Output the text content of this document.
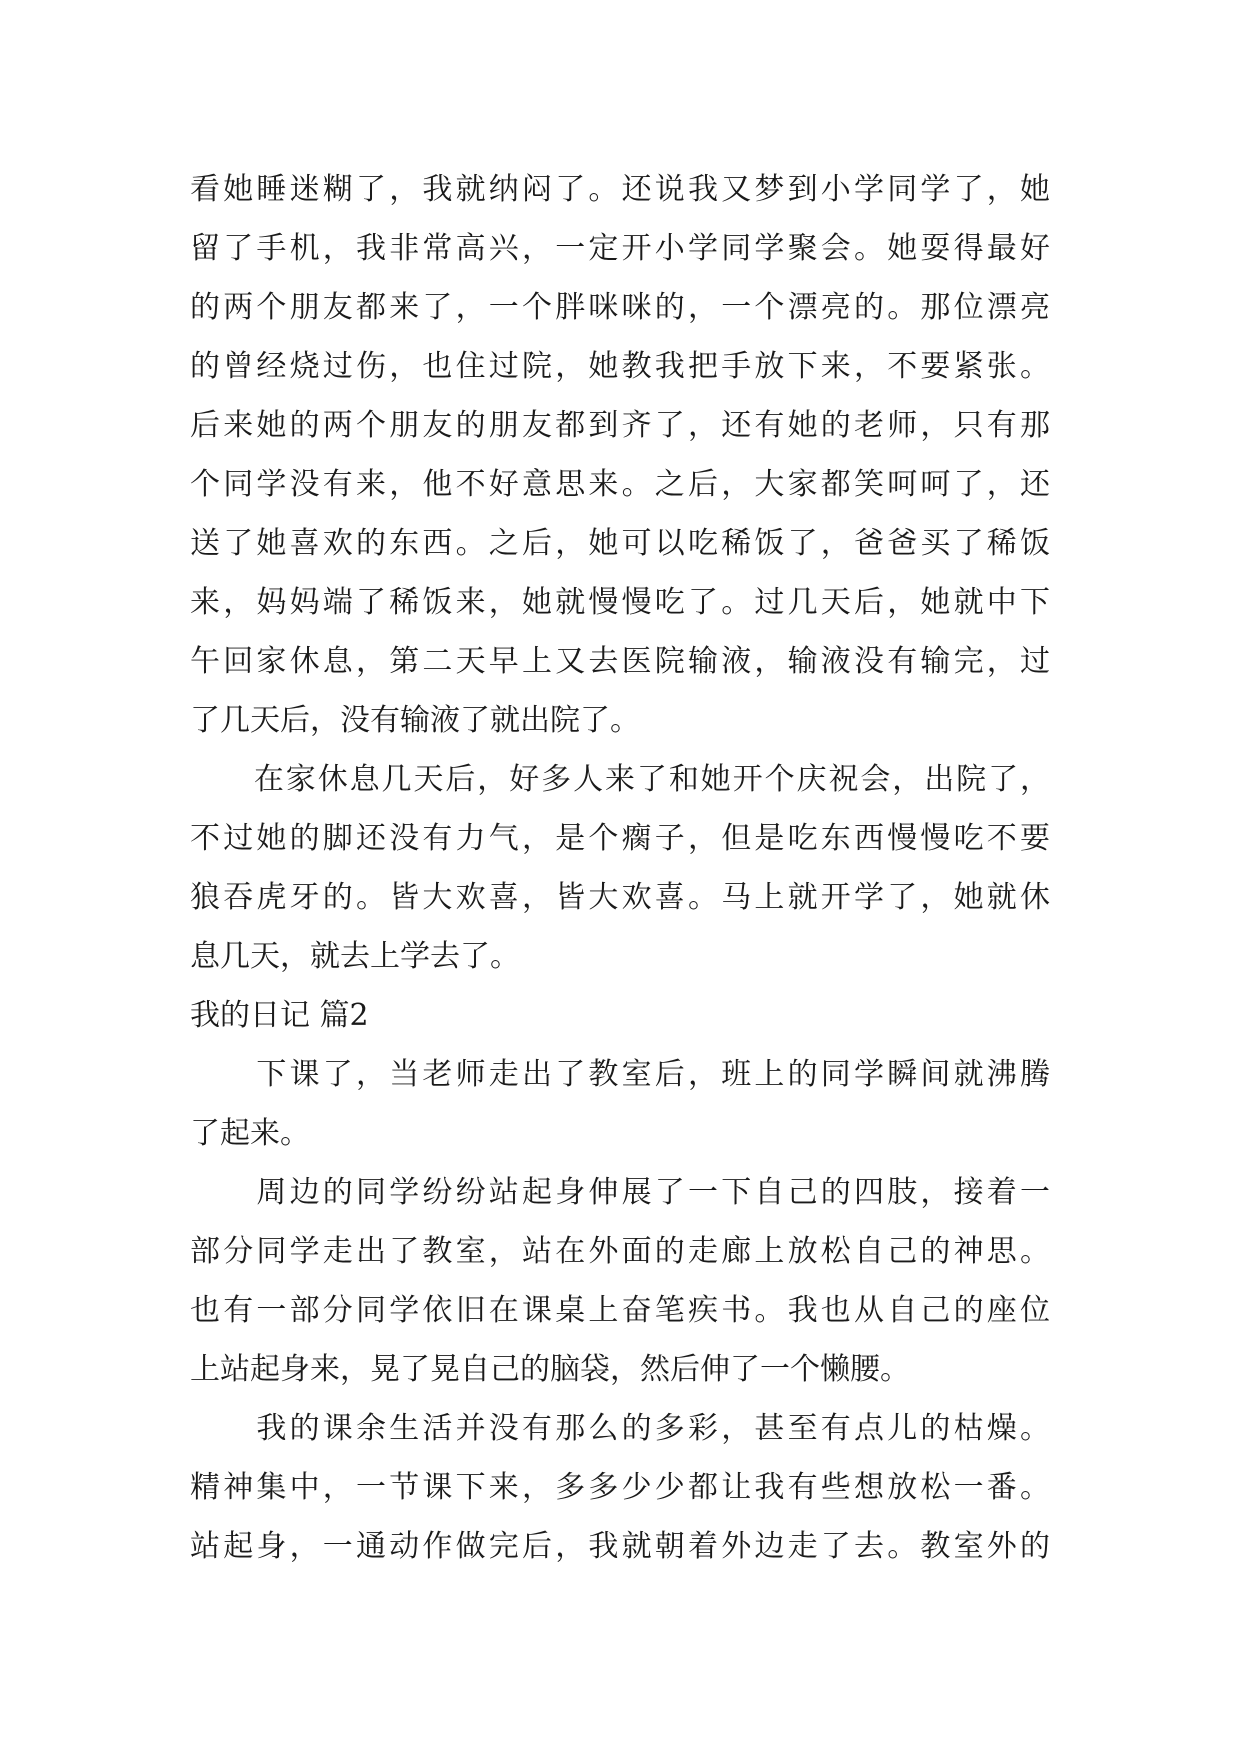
看她睡迷糊了，我就纳闷了。还说我又梦到小学同学了，她
留了手机，我非常高兴，一定开小学同学聚会。她耍得最好
的两个朋友都来了，一个胖咪咪的，一个漂亮的。那位漂亮
的曾经烧过伤，也住过院，她教我把手放下来，不要紧张。
后来她的两个朋友的朋友都到齐了，还有她的老师，只有那
个同学没有来，他不好意思来。之后，大家都笑呵呵了，还
送了她喜欢的东西。之后，她可以吃稀饭了，爸爸买了稀饭
来，妈妈端了稀饭来，她就慢慢吃了。过几天后，她就中下
午回家休息，第二天早上又去医院输液，输液没有输完，过
了几天后，没有输液了就出院了。

　　在家休息几天后，好多人来了和她开个庆祝会，出院了，
不过她的脚还没有力气，是个瘸子，但是吃东西慢慢吃不要
狼吞虎牙的。皆大欢喜，皆大欢喜。马上就开学了，她就休
息几天，就去上学去了。

我的日记 篇2

　　下课了，当老师走出了教室后，班上的同学瞬间就沸腾
了起来。

　　周边的同学纷纷站起身伸展了一下自己的四肢，接着一
部分同学走出了教室，站在外面的走廊上放松自己的神思。
也有一部分同学依旧在课桌上奋笔疾书。我也从自己的座位
上站起身来，晃了晃自己的脑袋，然后伸了一个懒腰。

　　我的课余生活并没有那么的多彩，甚至有点儿的枯燥。
精神集中，一节课下来，多多少少都让我有些想放松一番。
站起身，一通动作做完后，我就朝着外边走了去。教室外的
